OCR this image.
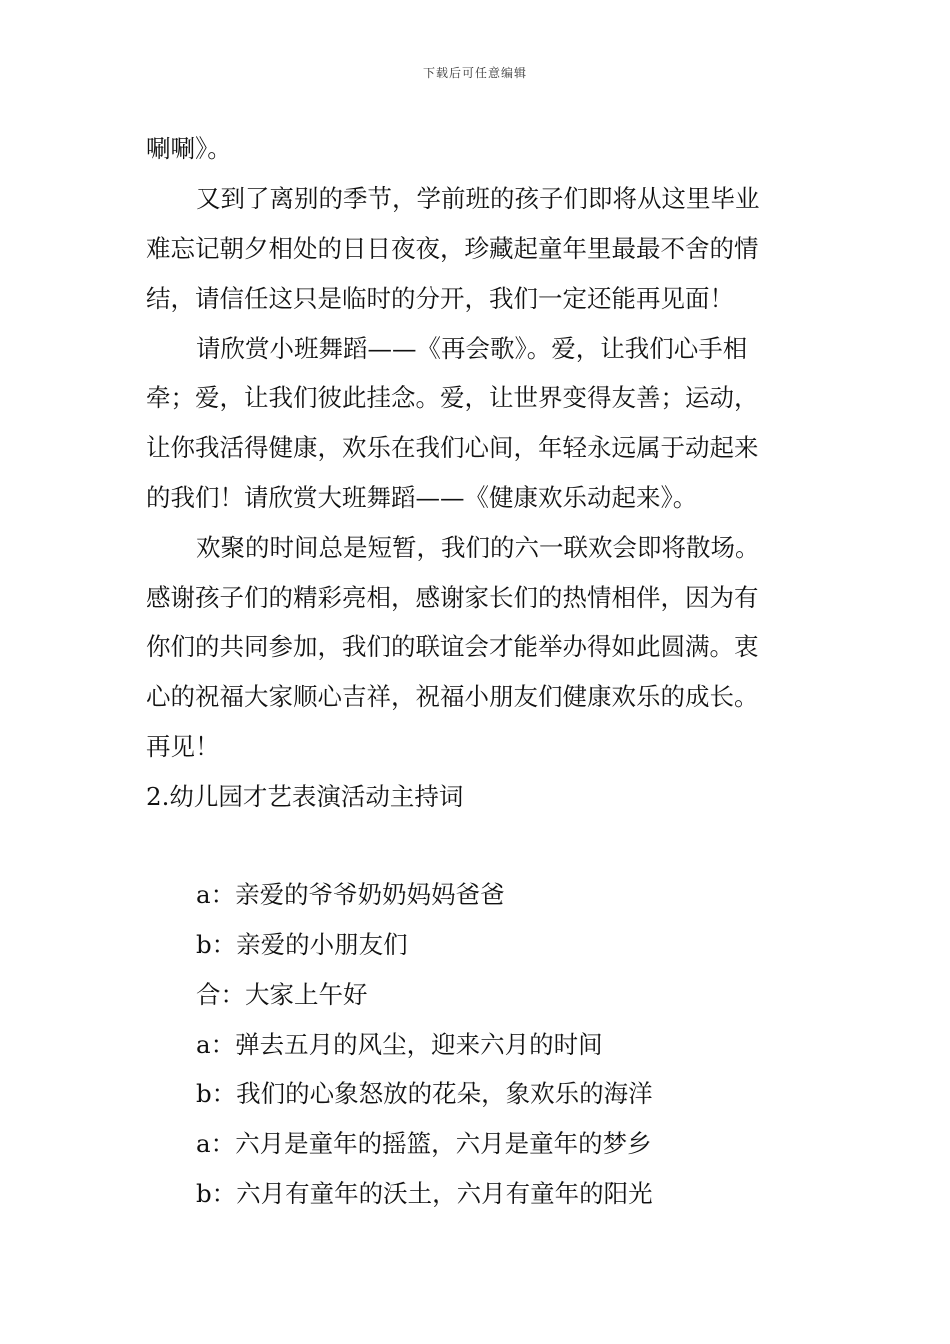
下载后可任意编辑
唰唰》。
又到了离别的季节，学前班的孩子们即将从这里毕业
难忘记朝夕相处的日日夜夜，珍藏起童年里最最不舍的情
结，请信任这只是临时的分开，我们一定还能再见面！
请欣赏小班舞蹈——《再会歌》。爱，让我们心手相
牵；爱，让我们彼此挂念。爱，让世界变得友善；运动，
让你我活得健康，欢乐在我们心间，年轻永远属于动起来
的我们！请欣赏大班舞蹈——《健康欢乐动起来》。
欢聚的时间总是短暂，我们的六一联欢会即将散场。
感谢孩子们的精彩亮相，感谢家长们的热情相伴，因为有
你们的共同参加，我们的联谊会才能举办得如此圆满。衷
心的祝福大家顺心吉祥，祝福小朋友们健康欢乐的成长。
再见！
2.幼儿园才艺表演活动主持词
a：亲爱的爷爷奶奶妈妈爸爸
b：亲爱的小朋友们
合：大家上午好
a：弹去五月的风尘，迎来六月的时间
b：我们的心象怒放的花朵，象欢乐的海洋
a：六月是童年的摇篮，六月是童年的梦乡
b：六月有童年的沃土，六月有童年的阳光
